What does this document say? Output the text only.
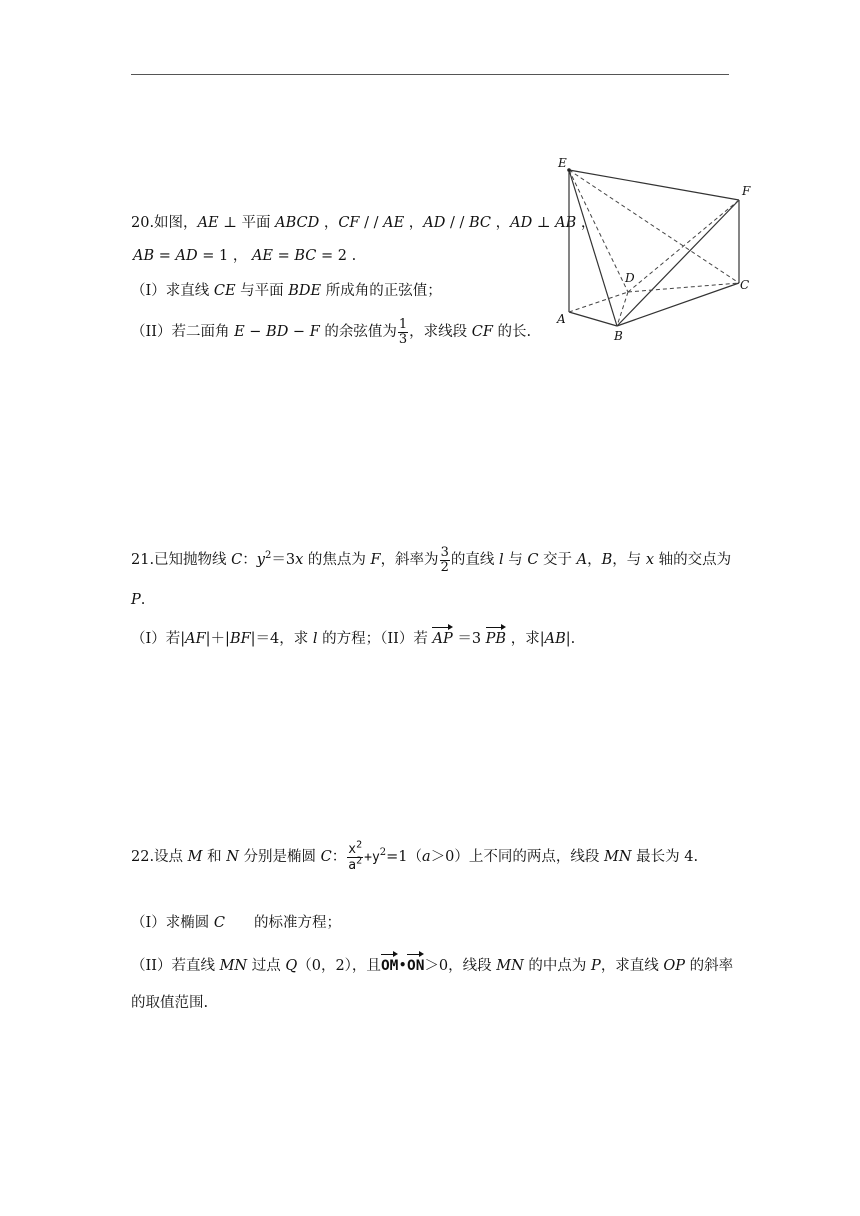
20.如图，AE ⊥ 平面 ABCD ，CF / / AE ，AD / / BC ，AD ⊥ AB ，
AB = AD = 1 ， AE = BC = 2 .
（I）求直线 CE 与平面 BDE 所成角的正弦值；
（II）若二面角 E − BD − F 的余弦值为 $\frac{1}{3}$ ，求线段 CF 的长.
E
F
D	C
A
B
21.已知抛物线 C：$y^2=3x$ 的焦点为 F，斜率为 $\frac{3}{2}$ 的直线 l 与 C 交于 A，B，与 x 轴的交点为
P.
（I）若|AF|＋|BF|＝4，求 l 的方程；（II）若 AP ＝3 PB ，求|AB|.
22.设点 M 和 N 分别是椭圆 C： $\frac{x^2}{a^2} +y^2=1(a>0)$上不同的两点，线段 MN 最长为 4.
（I）求椭圆 C　　的标准方程；
（II）若直线 MN 过点 Q（0，2），且OM•ON＞0，线段 MN 的中点为 P，求直线 OP 的斜率
的取值范围.
